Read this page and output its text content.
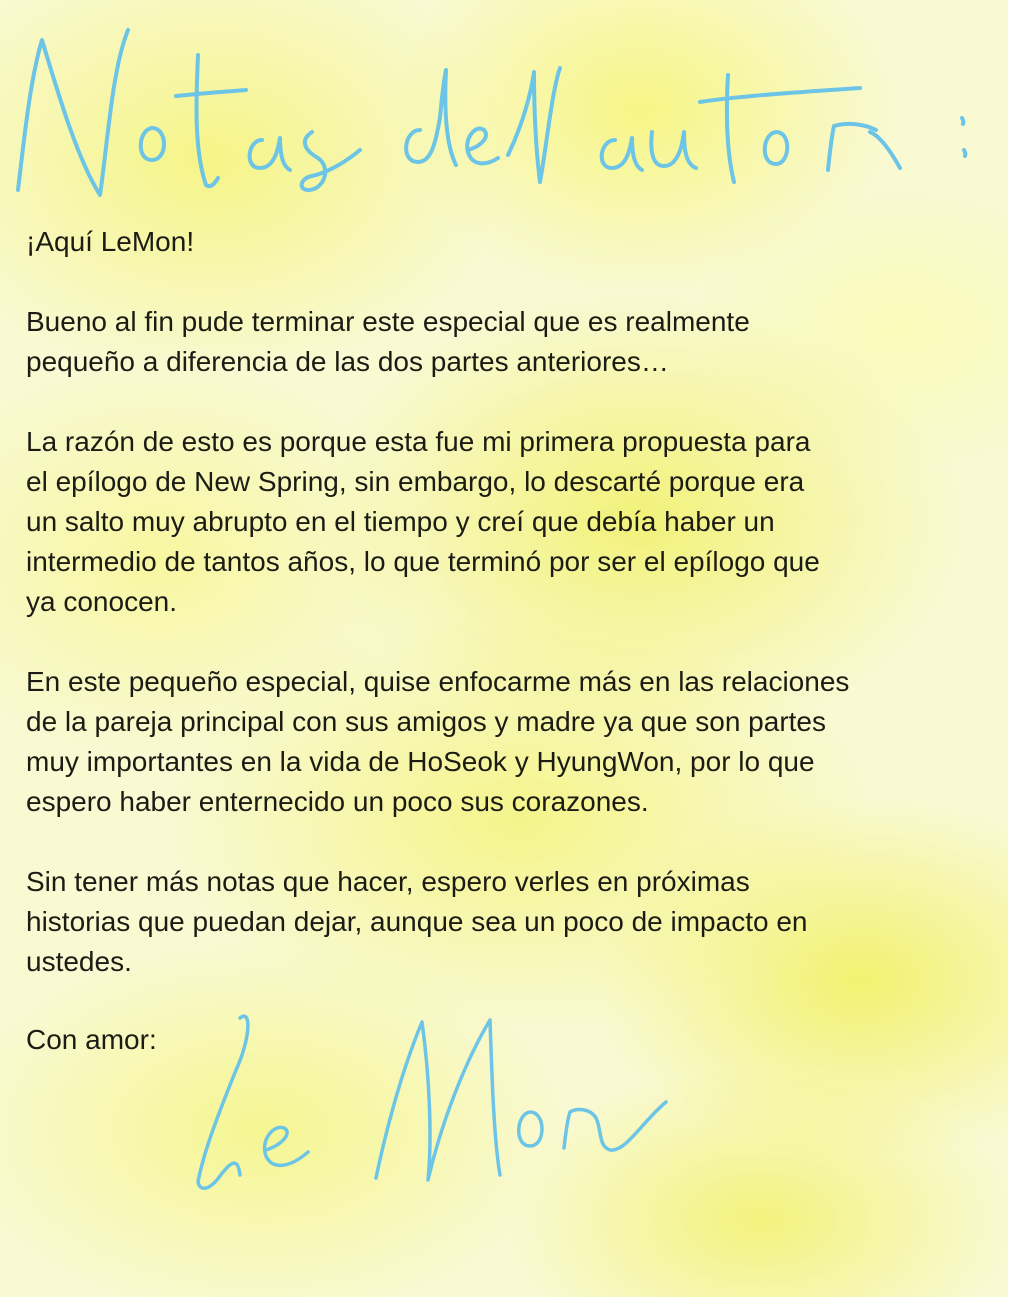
¡Aquí LeMon!

Bueno al fin pude terminar este especial que es realmente
pequeño a diferencia de las dos partes anteriores…

La razón de esto es porque esta fue mi primera propuesta para
el epílogo de New Spring, sin embargo, lo descarté porque era
un salto muy abrupto en el tiempo y creí que debía haber un
intermedio de tantos años, lo que terminó por ser el epílogo que
ya conocen.

En este pequeño especial, quise enfocarme más en las relaciones
de la pareja principal con sus amigos y madre ya que son partes
muy importantes en la vida de HoSeok y HyungWon, por lo que
espero haber enternecido un poco sus corazones.

Sin tener más notas que hacer, espero verles en próximas
historias que puedan dejar, aunque sea un poco de impacto en
ustedes.

Con amor:
